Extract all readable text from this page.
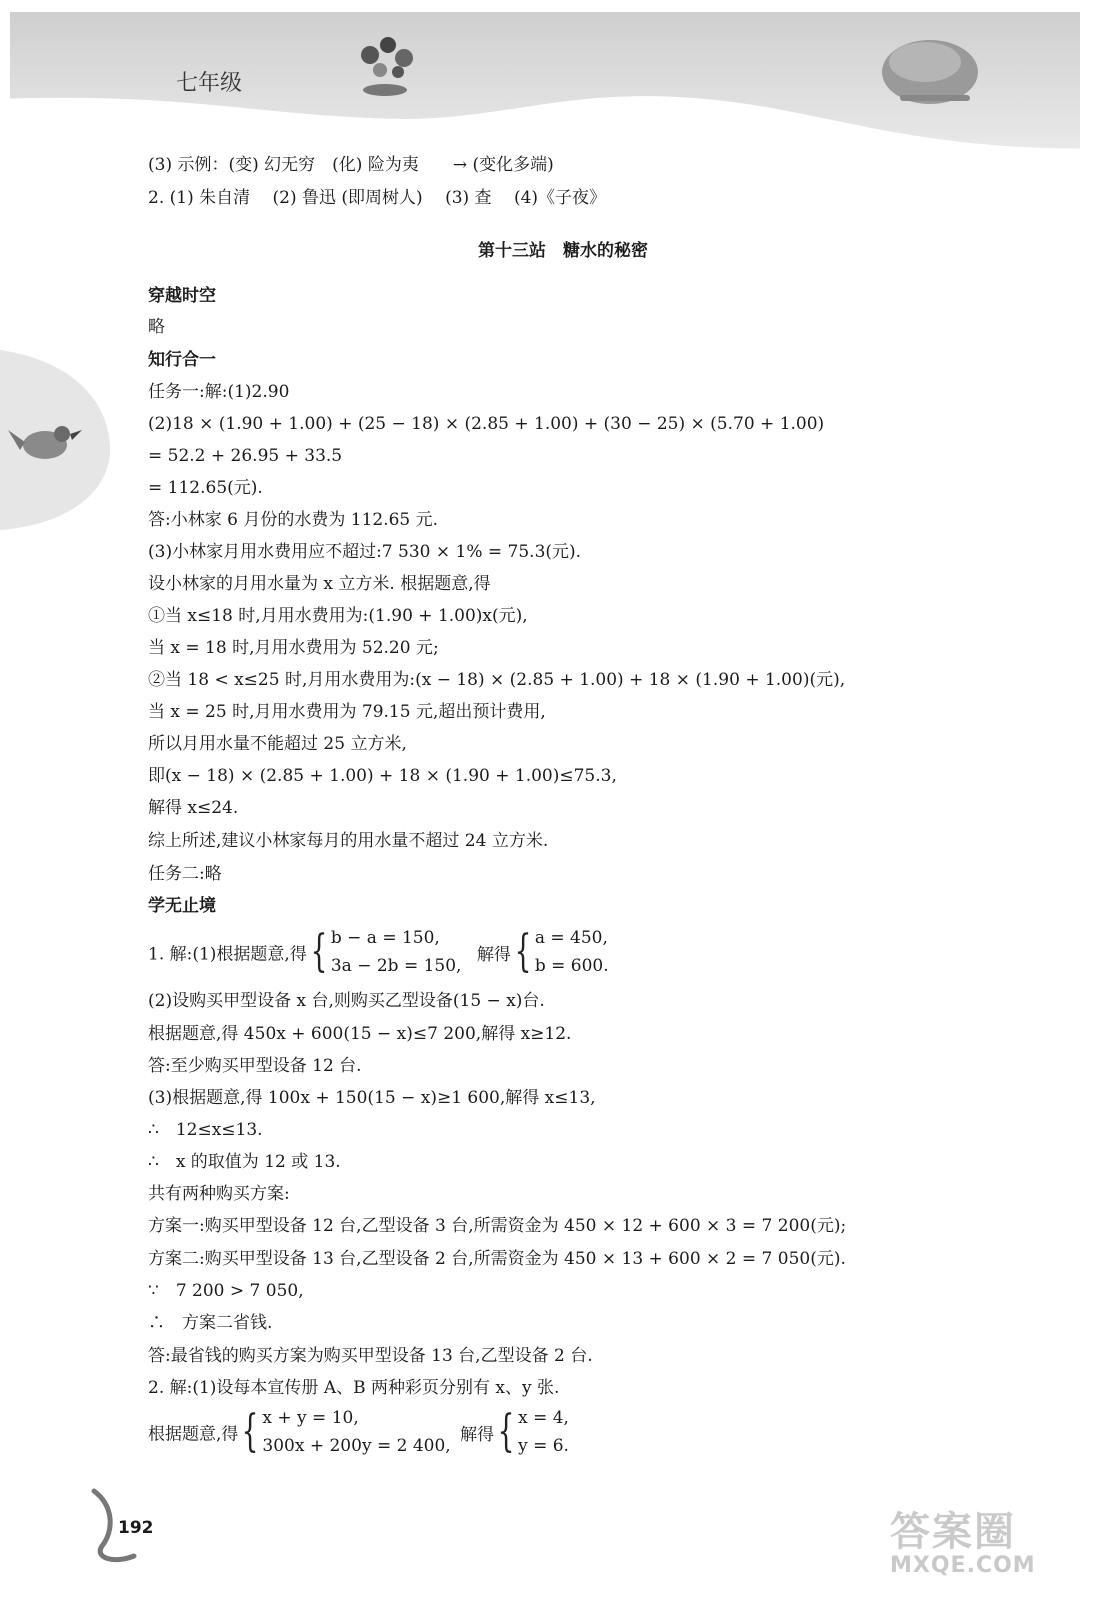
七年级
(3) 示例：(变) 幻无穷　(化) 险为夷　　→ (变化多端)
2. (1) 朱自清　 (2) 鲁迅 (即周树人)　 (3) 查　 (4)《子夜》
第十三站　糖水的秘密
穿越时空
略
知行合一
任务一:解:(1)2.90
(2)18 × (1.90 + 1.00) + (25 − 18) × (2.85 + 1.00) + (30 − 25) × (5.70 + 1.00)
= 52.2 + 26.95 + 33.5
= 112.65(元).
答:小林家 6 月份的水费为 112.65 元.
(3)小林家月用水费用应不超过:7 530 × 1% = 75.3(元).
设小林家的月用水量为 x 立方米. 根据题意,得
①当 x≤18 时,月用水费用为:(1.90 + 1.00)x(元),
当 x = 18 时,月用水费用为 52.20 元;
②当 18 < x≤25 时,月用水费用为:(x − 18) × (2.85 + 1.00) + 18 × (1.90 + 1.00)(元),
当 x = 25 时,月用水费用为 79.15 元,超出预计费用,
所以月用水量不能超过 25 立方米,
即(x − 18) × (2.85 + 1.00) + 18 × (1.90 + 1.00)≤75.3,
解得 x≤24.
综上所述,建议小林家每月的用水量不超过 24 立方米.
任务二:略
学无止境
1. 解:(1)根据题意,得{ b − a = 150,
3a − 2b = 150, 解得{ a = 450,
b = 600.
(2)设购买甲型设备 x 台,则购买乙型设备(15 − x)台.
根据题意,得 450x + 600(15 − x)≤7 200,解得 x≥12.
答:至少购买甲型设备 12 台.
(3)根据题意,得 100x + 150(15 − x)≥1 600,解得 x≤13,
∴　12≤x≤13.
∴　x 的取值为 12 或 13.
共有两种购买方案:
方案一:购买甲型设备 12 台,乙型设备 3 台,所需资金为 450 × 12 + 600 × 3 = 7 200(元);
方案二:购买甲型设备 13 台,乙型设备 2 台,所需资金为 450 × 13 + 600 × 2 = 7 050(元).
∵　7 200 > 7 050,
∴　方案二省钱.
答:最省钱的购买方案为购买甲型设备 13 台,乙型设备 2 台.
2. 解:(1)设每本宣传册 A、B 两种彩页分别有 x、y 张.
根据题意,得{ x + y = 10,
300x + 200y = 2 400, 解得{ x = 4,
y = 6.
192	答案圈
MXQE.COM
